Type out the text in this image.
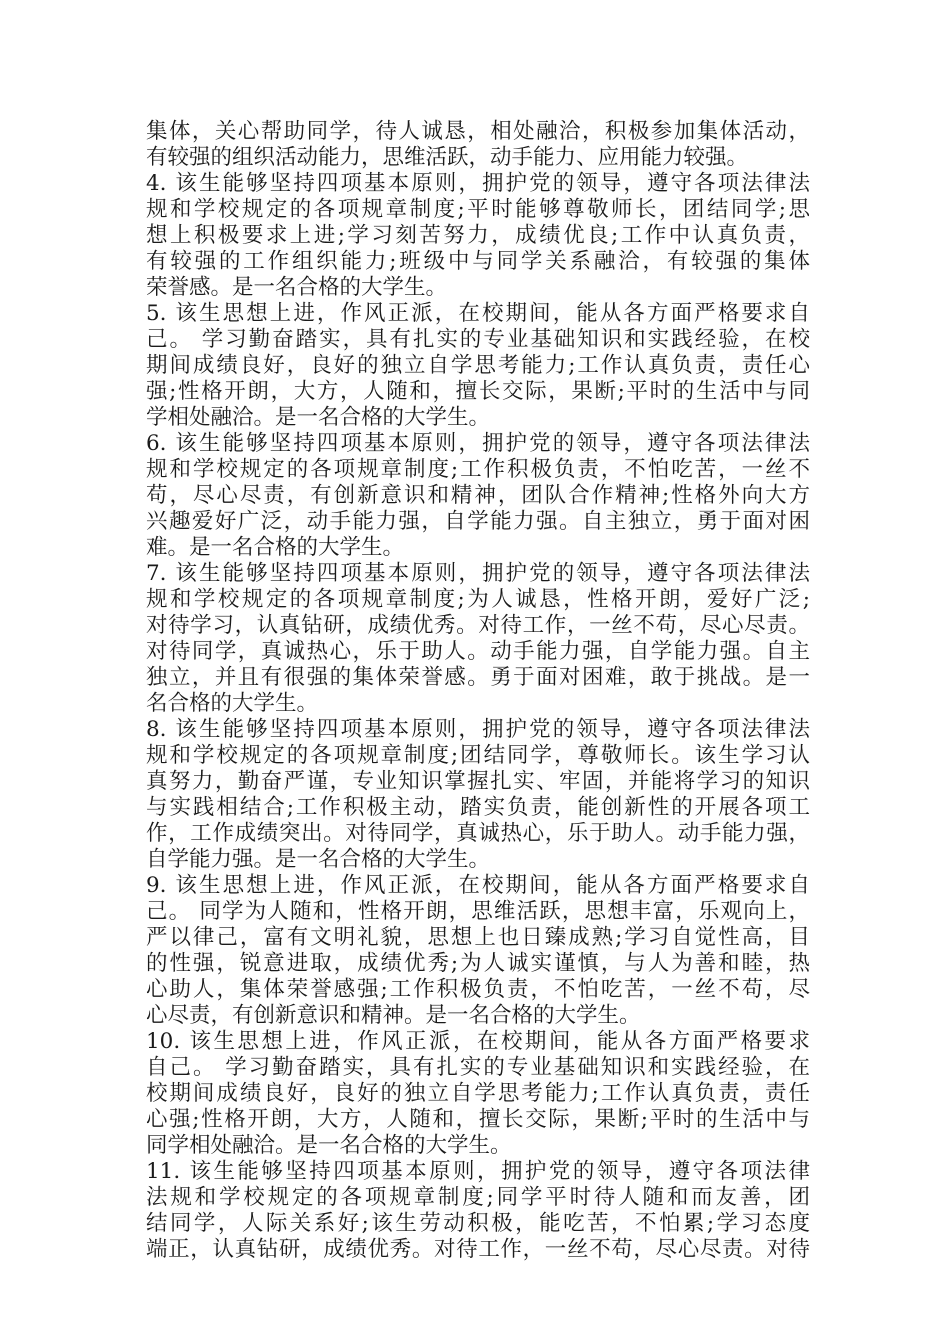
集体，关心帮助同学，待人诚恳，相处融洽，积极参加集体活动，
有较强的组织活动能力，思维活跃，动手能力、应用能力较强。
4. 该生能够坚持四项基本原则，拥护党的领导，遵守各项法律法
规和学校规定的各项规章制度;平时能够尊敬师长，团结同学;思
想上积极要求上进;学习刻苦努力，成绩优良;工作中认真负责，
有较强的工作组织能力;班级中与同学关系融洽，有较强的集体
荣誉感。是一名合格的大学生。
5. 该生思想上进，作风正派，在校期间，能从各方面严格要求自
己。 学习勤奋踏实，具有扎实的专业基础知识和实践经验，在校
期间成绩良好，良好的独立自学思考能力;工作认真负责，责任心
强;性格开朗，大方，人随和，擅长交际，果断;平时的生活中与同
学相处融洽。是一名合格的大学生。
6. 该生能够坚持四项基本原则，拥护党的领导，遵守各项法律法
规和学校规定的各项规章制度;工作积极负责，不怕吃苦，一丝不
苟，尽心尽责，有创新意识和精神，团队合作精神;性格外向大方
兴趣爱好广泛，动手能力强，自学能力强。自主独立，勇于面对困
难。是一名合格的大学生。
7. 该生能够坚持四项基本原则，拥护党的领导，遵守各项法律法
规和学校规定的各项规章制度;为人诚恳，性格开朗，爱好广泛;
对待学习，认真钻研，成绩优秀。对待工作，一丝不苟，尽心尽责。
对待同学，真诚热心，乐于助人。动手能力强，自学能力强。自主
独立，并且有很强的集体荣誉感。勇于面对困难，敢于挑战。是一
名合格的大学生。
8. 该生能够坚持四项基本原则，拥护党的领导，遵守各项法律法
规和学校规定的各项规章制度;团结同学，尊敬师长。该生学习认
真努力，勤奋严谨，专业知识掌握扎实、牢固，并能将学习的知识
与实践相结合;工作积极主动，踏实负责，能创新性的开展各项工
作，工作成绩突出。对待同学，真诚热心，乐于助人。动手能力强，
自学能力强。是一名合格的大学生。
9. 该生思想上进，作风正派，在校期间，能从各方面严格要求自
己。 同学为人随和，性格开朗，思维活跃，思想丰富，乐观向上，
严以律己，富有文明礼貌，思想上也日臻成熟;学习自觉性高，目
的性强，锐意进取，成绩优秀;为人诚实谨慎，与人为善和睦，热
心助人，集体荣誉感强;工作积极负责，不怕吃苦，一丝不苟，尽
心尽责，有创新意识和精神。是一名合格的大学生。
10. 该生思想上进，作风正派，在校期间，能从各方面严格要求
自己。 学习勤奋踏实，具有扎实的专业基础知识和实践经验，在
校期间成绩良好，良好的独立自学思考能力;工作认真负责，责任
心强;性格开朗，大方，人随和，擅长交际，果断;平时的生活中与
同学相处融洽。是一名合格的大学生。
11. 该生能够坚持四项基本原则，拥护党的领导，遵守各项法律
法规和学校规定的各项规章制度;同学平时待人随和而友善，团
结同学，人际关系好;该生劳动积极，能吃苦，不怕累;学习态度
端正，认真钻研，成绩优秀。对待工作，一丝不苟，尽心尽责。对待
